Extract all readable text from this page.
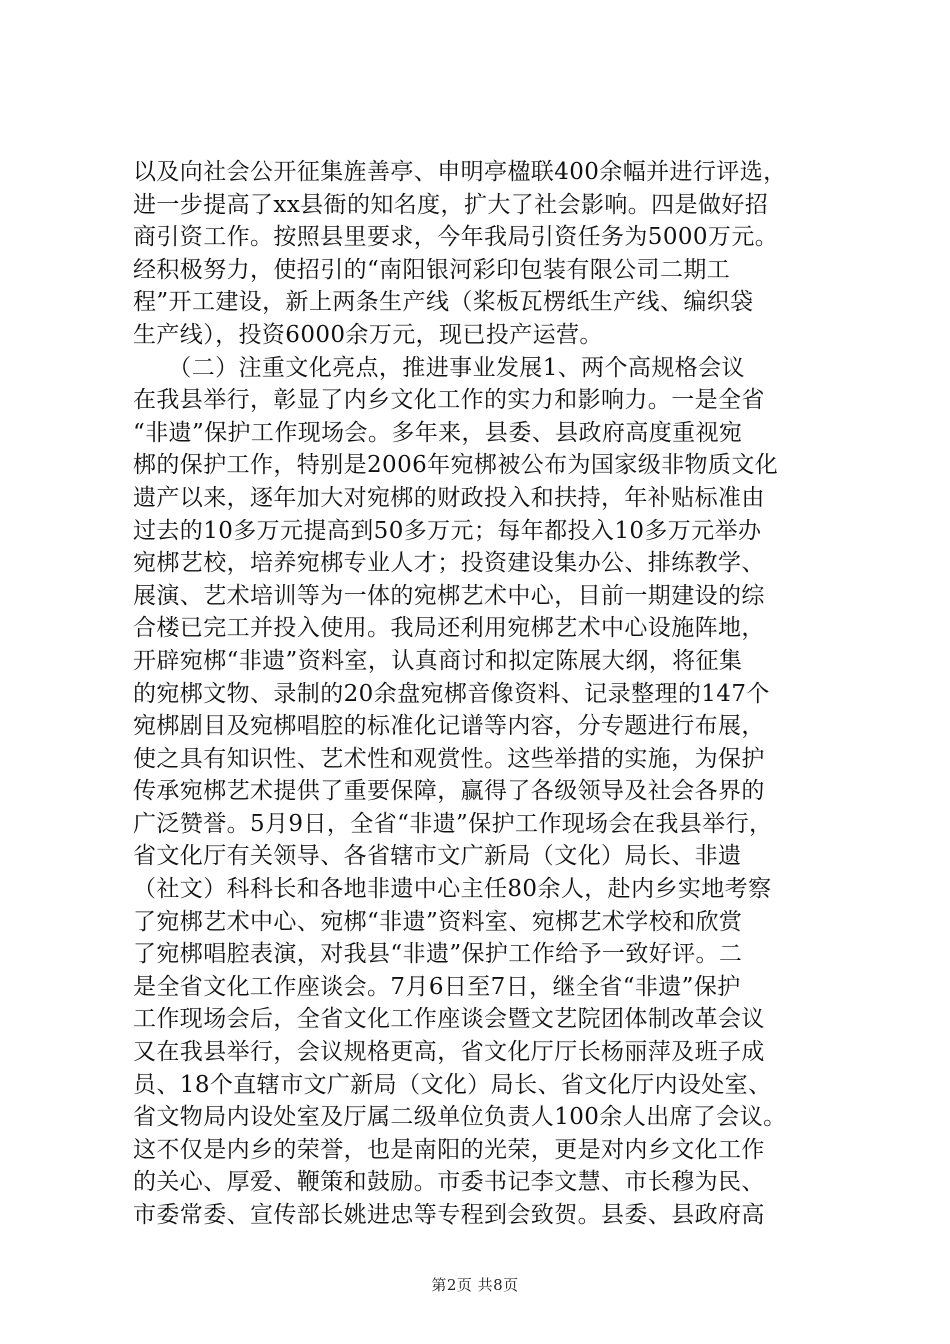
以及向社会公开征集旌善亭、申明亭楹联400余幅并进行评选，
进一步提高了xx县衙的知名度，扩大了社会影响。四是做好招
商引资工作。按照县里要求，今年我局引资任务为5000万元。
经积极努力，使招引的“南阳银河彩印包装有限公司二期工
程”开工建设，新上两条生产线（桨板瓦楞纸生产线、编织袋
生产线），投资6000余万元，现已投产运营。
　　（二）注重文化亮点，推进事业发展1、两个高规格会议
在我县举行，彰显了内乡文化工作的实力和影响力。一是全省
“非遗”保护工作现场会。多年来，县委、县政府高度重视宛
梆的保护工作，特别是2006年宛梆被公布为国家级非物质文化
遗产以来，逐年加大对宛梆的财政投入和扶持，年补贴标准由
过去的10多万元提高到50多万元；每年都投入10多万元举办
宛梆艺校，培养宛梆专业人才；投资建设集办公、排练教学、
展演、艺术培训等为一体的宛梆艺术中心，目前一期建设的综
合楼已完工并投入使用。我局还利用宛梆艺术中心设施阵地，
开辟宛梆“非遗”资料室，认真商讨和拟定陈展大纲，将征集
的宛梆文物、录制的20余盘宛梆音像资料、记录整理的147个
宛梆剧目及宛梆唱腔的标准化记谱等内容，分专题进行布展，
使之具有知识性、艺术性和观赏性。这些举措的实施，为保护
传承宛梆艺术提供了重要保障，赢得了各级领导及社会各界的
广泛赞誉。5月9日，全省“非遗”保护工作现场会在我县举行，
省文化厅有关领导、各省辖市文广新局（文化）局长、非遗
（社文）科科长和各地非遗中心主任80余人，赴内乡实地考察
了宛梆艺术中心、宛梆“非遗”资料室、宛梆艺术学校和欣赏
了宛梆唱腔表演，对我县“非遗”保护工作给予一致好评。二
是全省文化工作座谈会。7月6日至7日，继全省“非遗”保护
工作现场会后，全省文化工作座谈会暨文艺院团体制改革会议
又在我县举行，会议规格更高，省文化厅厅长杨丽萍及班子成
员、18个直辖市文广新局（文化）局长、省文化厅内设处室、
省文物局内设处室及厅属二级单位负责人100余人出席了会议。
这不仅是内乡的荣誉，也是南阳的光荣，更是对内乡文化工作
的关心、厚爱、鞭策和鼓励。市委书记李文慧、市长穆为民、
市委常委、宣传部长姚进忠等专程到会致贺。县委、县政府高
第2页 共8页
